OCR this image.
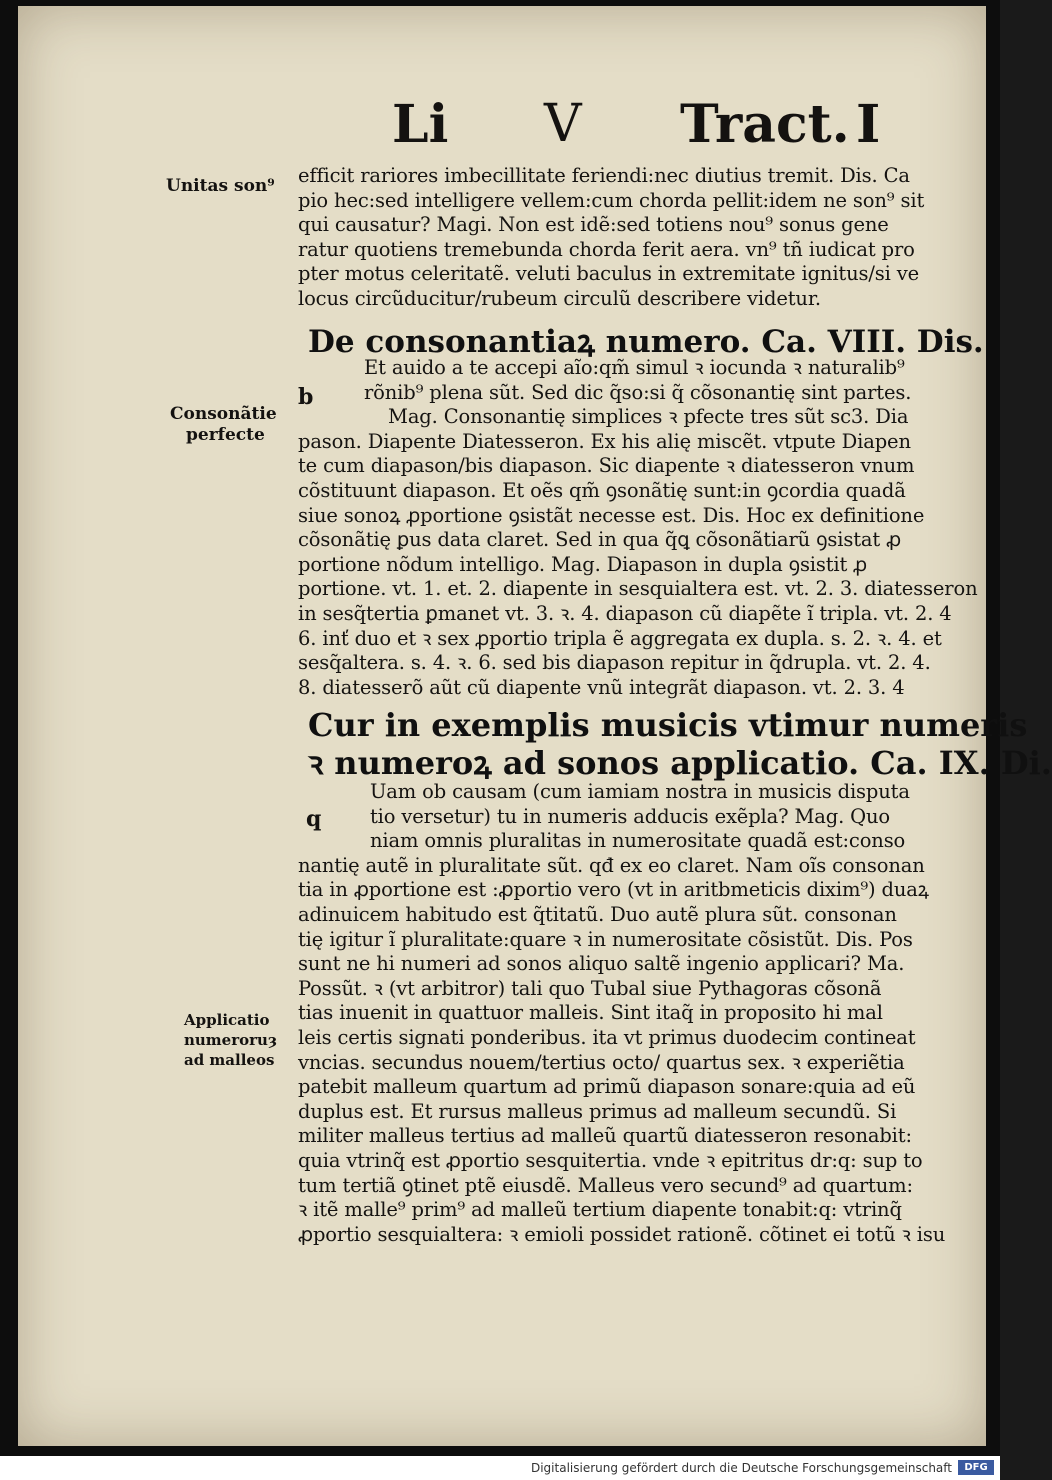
Li V Tract. I
Unitas son⁹
Consonãtie
perfecte
Applicatio
numeroruȝ
ad malleos
efficit rariores imbecillitate feriendi:nec diutius tremit. Dis. Ca
pio hec:sed intelligere vellem:cum chorda pellit:idem ne son⁹ sit
qui causatur? Magi. Non est idẽ:sed totiens nou⁹ sonus gene
ratur quotiens tremebunda chorda ferit aera. vn⁹ tñ iudicat pro
pter motus celeritatẽ. veluti baculus in extremitate ignitus/si ve
locus circũducitur/rubeum circulũ describere videtur.
De consonantiaꝝ numero. Ca. VIII. Dis.
b
Et auido a te accepi aĩo:qm̃ simul ꝛ iocunda ꝛ naturalib⁹
rõnib⁹ plena sũt. Sed dic q̃so:si q̃ cõsonantię sint partes.
Mag. Consonantię simplices ꝛ pfecte tres sũt sc3. Dia
pason. Diapente Diatesseron. Ex his alię miscẽt. vtpute Diapen
te cum diapason/bis diapason. Sic diapente ꝛ diatesseron vnum
cõstituunt diapason. Et oẽs qm̃ ꝯsonãtię sunt:in ꝯcordia quadã
siue sonoꝝ ꝓportione ꝯsistãt necesse est. Dis. Hoc ex definitione
cõsonãtię ꝑus data claret. Sed in qua q̃ꝗ cõsonãtiarũ ꝯsistat ꝓ
portione nõdum intelligo. Mag. Diapason in dupla ꝯsistit ꝓ
portione. vt. 1. et. 2. diapente in sesquialtera est. vt. 2. 3. diatesseron
in sesq̃tertia ꝑmanet vt. 3. ꝛ. 4. diapason cũ diapẽte ĩ tripla. vt. 2. 4
6. inť duo et ꝛ sex ꝓportio tripla ẽ aggregata ex dupla. s. 2. ꝛ. 4. et
sesq̃altera. s. 4. ꝛ. 6. sed bis diapason repitur in q̃drupla. vt. 2. 4.
8. diatesserõ aũt cũ diapente vnũ integrãt diapason. vt. 2. 3. 4
Cur in exemplis musicis vtimur numeris
ꝛ numeroꝝ ad sonos applicatio. Ca. IX. Di.
q
Uam ob causam (cum iamiam nostra in musicis disputa
tio versetur) tu in numeris adducis exẽpla? Mag. Quo
niam omnis pluralitas in numerositate quadã est:conso
nantię autẽ in pluralitate sũt. qđ ex eo claret. Nam oĩs consonan
tia in ꝓportione est :ꝓportio vero (vt in aritbmeticis dixim⁹) duaꝝ
adinuicem habitudo est q̃titatũ. Duo autẽ plura sũt. consonan
tię igitur ĩ pluralitate:quare ꝛ in numerositate cõsistũt. Dis. Pos
sunt ne hi numeri ad sonos aliquo saltẽ ingenio applicari? Ma.
Possũt. ꝛ (vt arbitror) tali quo Tubal siue Pythagoras cõsonã
tias inuenit in quattuor malleis. Sint itaq̃ in proposito hi mal
leis certis signati ponderibus. ita vt primus duodecim contineat
vncias. secundus nouem/tertius octo/ quartus sex. ꝛ experiẽtia
patebit malleum quartum ad primũ diapason sonare:quia ad eũ
duplus est. Et rursus malleus primus ad malleum secundũ. Si
militer malleus tertius ad malleũ quartũ diatesseron resonabit:
quia vtrinq̃ est ꝓportio sesquitertia. vnde ꝛ epitritus dr:q: sup to
tum tertiã ꝯtinet ptẽ eiusdẽ. Malleus vero secund⁹ ad quartum:
ꝛ itẽ malle⁹ prim⁹ ad malleũ tertium diapente tonabit:q: vtrinq̃
ꝓportio sesquialtera: ꝛ emioli possidet rationẽ. cõtinet ei totũ ꝛ isu
Digitalisierung gefördert durch die Deutsche Forschungsgemeinschaft	DFG
